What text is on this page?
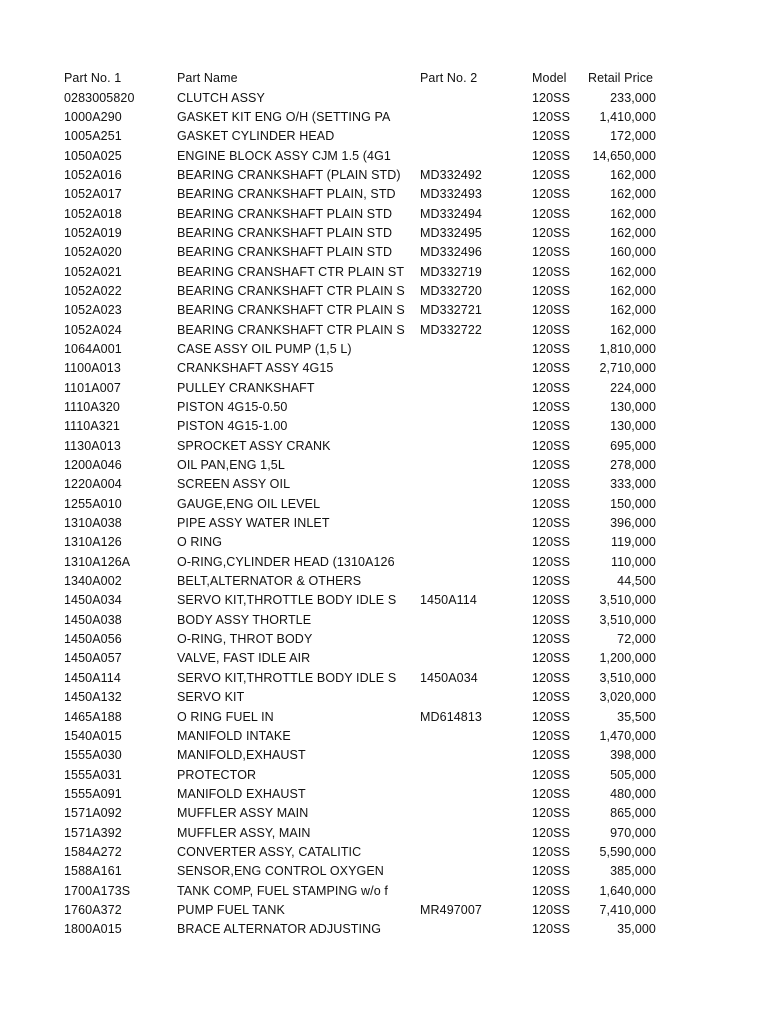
Part No. 1	Part Name	Part No. 2	Model	Retail Price
0283005820	CLUTCH ASSY		120SS	233,000
1000A290	GASKET KIT ENG O/H (SETTING PA		120SS	1,410,000
1005A251	GASKET CYLINDER HEAD		120SS	172,000
1050A025	ENGINE BLOCK ASSY CJM 1.5 (4G1		120SS	14,650,000
1052A016	BEARING CRANKSHAFT (PLAIN STD)	MD332492	120SS	162,000
1052A017	BEARING CRANKSHAFT PLAIN, STD	MD332493	120SS	162,000
1052A018	BEARING CRANKSHAFT PLAIN STD	MD332494	120SS	162,000
1052A019	BEARING CRANKSHAFT PLAIN STD	MD332495	120SS	162,000
1052A020	BEARING CRANKSHAFT PLAIN STD	MD332496	120SS	160,000
1052A021	BEARING CRANSHAFT CTR PLAIN ST	MD332719	120SS	162,000
1052A022	BEARING CRANKSHAFT CTR PLAIN S	MD332720	120SS	162,000
1052A023	BEARING CRANKSHAFT CTR PLAIN S	MD332721	120SS	162,000
1052A024	BEARING CRANKSHAFT CTR PLAIN S	MD332722	120SS	162,000
1064A001	CASE ASSY OIL PUMP (1,5 L)		120SS	1,810,000
1100A013	CRANKSHAFT ASSY 4G15		120SS	2,710,000
1101A007	PULLEY CRANKSHAFT		120SS	224,000
1110A320	PISTON 4G15-0.50		120SS	130,000
1110A321	PISTON 4G15-1.00		120SS	130,000
1130A013	SPROCKET ASSY CRANK		120SS	695,000
1200A046	OIL PAN,ENG 1,5L		120SS	278,000
1220A004	SCREEN ASSY OIL		120SS	333,000
1255A010	GAUGE,ENG OIL LEVEL		120SS	150,000
1310A038	PIPE ASSY WATER INLET		120SS	396,000
1310A126	O RING		120SS	119,000
1310A126A	O-RING,CYLINDER HEAD (1310A126		120SS	110,000
1340A002	BELT,ALTERNATOR & OTHERS		120SS	44,500
1450A034	SERVO KIT,THROTTLE BODY IDLE S	1450A114	120SS	3,510,000
1450A038	BODY ASSY THORTLE		120SS	3,510,000
1450A056	O-RING, THROT BODY		120SS	72,000
1450A057	VALVE, FAST IDLE AIR		120SS	1,200,000
1450A114	SERVO KIT,THROTTLE BODY IDLE S	1450A034	120SS	3,510,000
1450A132	SERVO KIT		120SS	3,020,000
1465A188	O RING FUEL IN	MD614813	120SS	35,500
1540A015	MANIFOLD INTAKE		120SS	1,470,000
1555A030	MANIFOLD,EXHAUST		120SS	398,000
1555A031	PROTECTOR		120SS	505,000
1555A091	MANIFOLD EXHAUST		120SS	480,000
1571A092	MUFFLER ASSY MAIN		120SS	865,000
1571A392	MUFFLER ASSY, MAIN		120SS	970,000
1584A272	CONVERTER ASSY, CATALITIC		120SS	5,590,000
1588A161	SENSOR,ENG CONTROL OXYGEN		120SS	385,000
1700A173S	TANK COMP, FUEL STAMPING w/o f		120SS	1,640,000
1760A372	PUMP FUEL TANK	MR497007	120SS	7,410,000
1800A015	BRACE ALTERNATOR ADJUSTING		120SS	35,000
